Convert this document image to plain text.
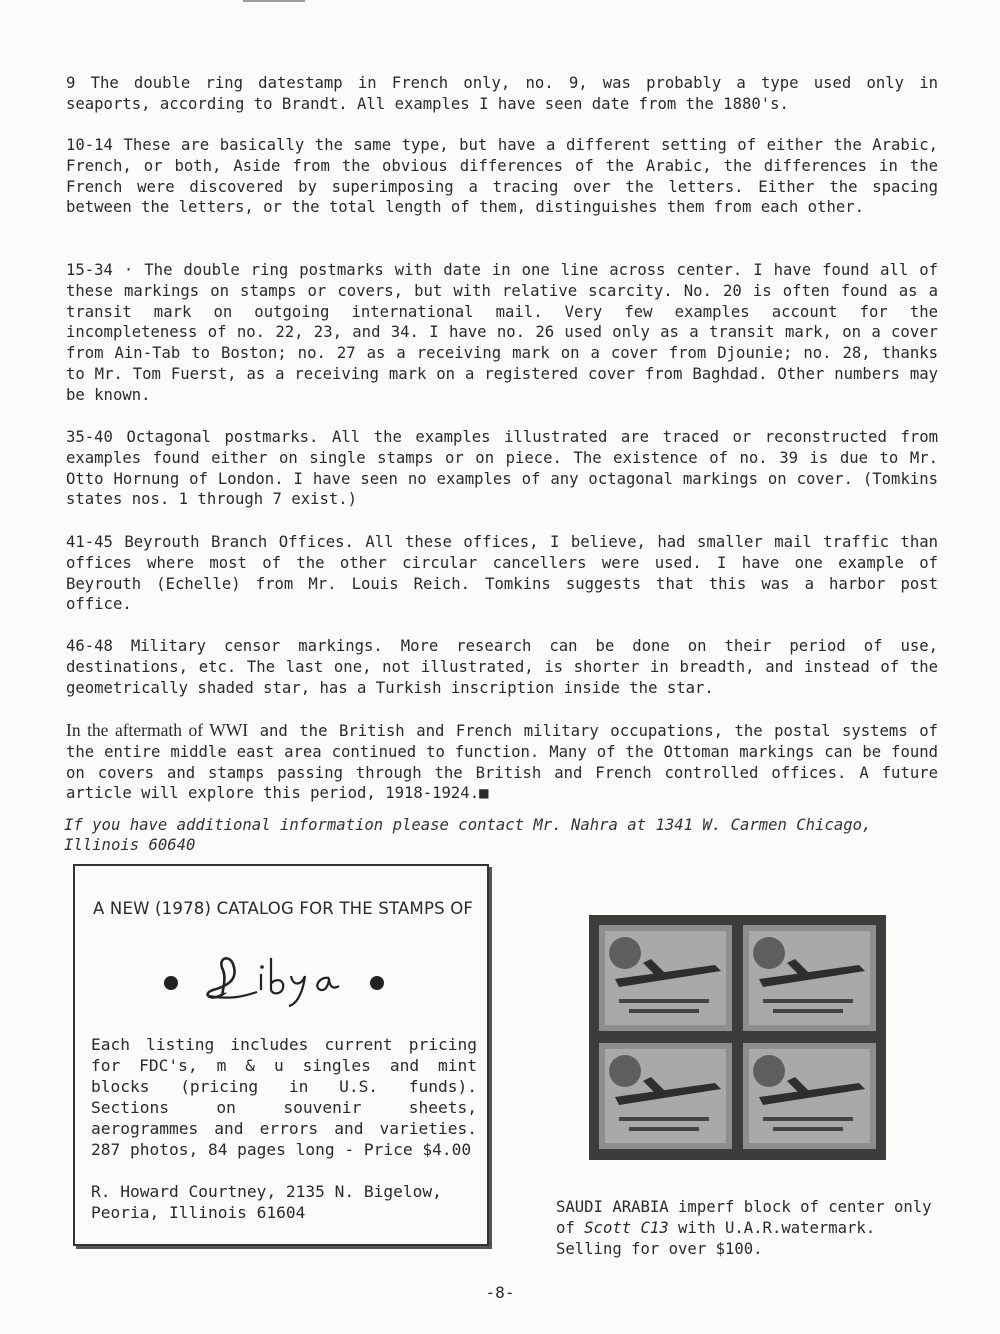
9 The double ring datestamp in French only, no. 9, was probably a type used only in seaports, according to Brandt. All examples I have seen date from the 1880's.

10-14 These are basically the same type, but have a different setting of either the Arabic, French, or both, Aside from the obvious differences of the Arabic, the differences in the French were discovered by superimposing a tracing over the letters. Either the spacing between the letters, or the total length of them, distinguishes them from each other.

15-34 · The double ring postmarks with date in one line across center. I have found all of these markings on stamps or covers, but with relative scarcity. No. 20 is often found as a transit mark on outgoing international mail. Very few examples account for the incompleteness of no. 22, 23, and 34. I have no. 26 used only as a transit mark, on a cover from Ain-Tab to Boston; no. 27 as a receiving mark on a cover from Djounie; no. 28, thanks to Mr. Tom Fuerst, as a receiving mark on a registered cover from Baghdad. Other numbers may be known.

35-40 Octagonal postmarks. All the examples illustrated are traced or reconstructed from examples found either on single stamps or on piece. The existence of no. 39 is due to Mr. Otto Hornung of London. I have seen no examples of any octagonal markings on cover. (Tomkins states nos. 1 through 7 exist.)

41-45 Beyrouth Branch Offices. All these offices, I believe, had smaller mail traffic than offices where most of the other circular cancellers were used. I have one example of Beyrouth (Echelle) from Mr. Louis Reich. Tomkins suggests that this was a harbor post office.

46-48 Military censor markings. More research can be done on their period of use, destinations, etc. The last one, not illustrated, is shorter in breadth, and instead of the geometrically shaded star, has a Turkish inscription inside the star.

In the aftermath of WWI and the British and French military occupations, the postal systems of the entire middle east area continued to function. Many of the Ottoman markings can be found on covers and stamps passing through the British and French controlled offices. A future article will explore this period, 1918-1924.■

If you have additional information please contact Mr. Nahra at 1341 W. Carmen Chicago, Illinois 60640
A NEW (1978) CATALOG FOR THE STAMPS OF
Each listing includes current pricing for FDC's, m & u singles and mint blocks (pricing in U.S. funds). Sections on souvenir sheets, aerogrammes and errors and varieties. 287 photos, 84 pages long - Price $4.00
R. Howard Courtney, 2135 N. Bigelow,
Peoria, Illinois 61604	SAUDI ARABIA imperf block of center only of Scott C13 with U.A.R.watermark. Selling for over $100.
-8-
